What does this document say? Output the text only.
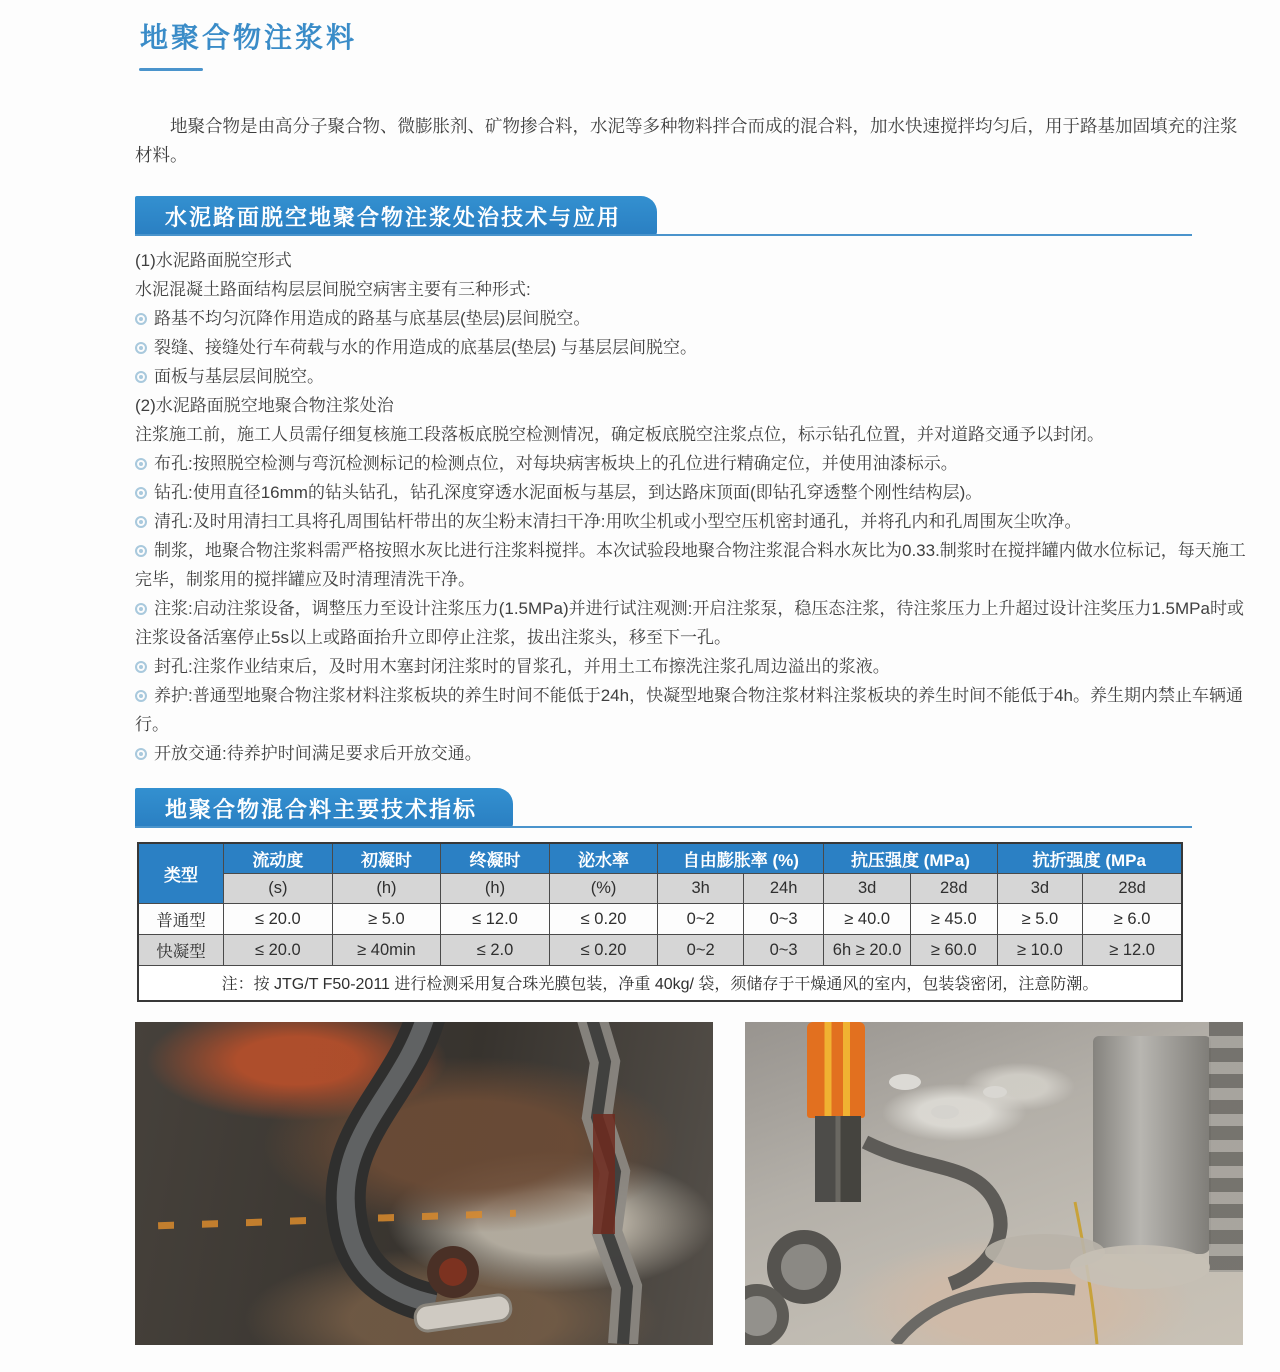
地聚合物注浆料
地聚合物是由高分子聚合物、微膨胀剂、矿物掺合料，水泥等多种物料拌合而成的混合料，加水快速搅拌均匀后，用于路基加固填充的注浆材料。
水泥路面脱空地聚合物注浆处治技术与应用

(1)水泥路面脱空形式

水泥混凝土路面结构层层间脱空病害主要有三种形式:

路基不均匀沉降作用造成的路基与底基层(垫层)层间脱空。

裂缝、接缝处行车荷载与水的作用造成的底基层(垫层) 与基层层间脱空。

面板与基层层间脱空。

(2)水泥路面脱空地聚合物注浆处治

注浆施工前，施工人员需仔细复核施工段落板底脱空检测情况，确定板底脱空注浆点位，标示钻孔位置，并对道路交通予以封闭。

布孔:按照脱空检测与弯沉检测标记的检测点位，对每块病害板块上的孔位进行精确定位，并使用油漆标示。

钻孔:使用直径16mm的钻头钻孔，钻孔深度穿透水泥面板与基层，到达路床顶面(即钻孔穿透整个刚性结构层)。

清孔:及时用清扫工具将孔周围钻杆带出的灰尘粉末清扫干净:用吹尘机或小型空压机密封通孔，并将孔内和孔周围灰尘吹净。

制浆，地聚合物注浆料需严格按照水灰比进行注浆料搅拌。本次试验段地聚合物注浆混合料水灰比为0.33.制浆时在搅拌罐内做水位标记，每天施工完毕，制浆用的搅拌罐应及时清理清洗干净。

注浆:启动注浆设备，调整压力至设计注浆压力(1.5MPa)并进行试注观测:开启注浆泵，稳压态注浆，待注浆压力上升超过设计注奖压力1.5MPa时或注浆设备活塞停止5s以上或路面抬升立即停止注浆，拔出注浆头，移至下一孔。

封孔:注浆作业结束后，及时用木塞封闭注浆时的冒浆孔，并用土工布擦洗注浆孔周边溢出的浆液。

养护:普通型地聚合物注浆材料注浆板块的养生时间不能低于24h，快凝型地聚合物注浆材料注浆板块的养生时间不能低于4h。养生期内禁止车辆通行。

开放交通:待养护时间满足要求后开放交通。

地聚合物混合料主要技术指标
类型	流动度	初凝时	终凝时	泌水率	自由膨胀率 (%)		抗压强度 (MPa)		抗折强度 (MPa	
	(s)	(h)	(h)	(%)	3h	24h	3d	28d	3d	28d
普通型	≤ 20.0	≥ 5.0	≤ 12.0	≤ 0.20	0~2	0~3	≥ 40.0	≥ 45.0	≥ 5.0	≥ 6.0
快凝型	≤ 20.0	≥ 40min	≤ 2.0	≤ 0.20	0~2	0~3	6h ≥ 20.0	≥ 60.0	≥ 10.0	≥ 12.0
注：按 JTG/T F50-2011 进行检测采用复合珠光膜包装，净重 40kg/ 袋，须储存于干燥通风的室内，包装袋密闭，注意防潮。										
